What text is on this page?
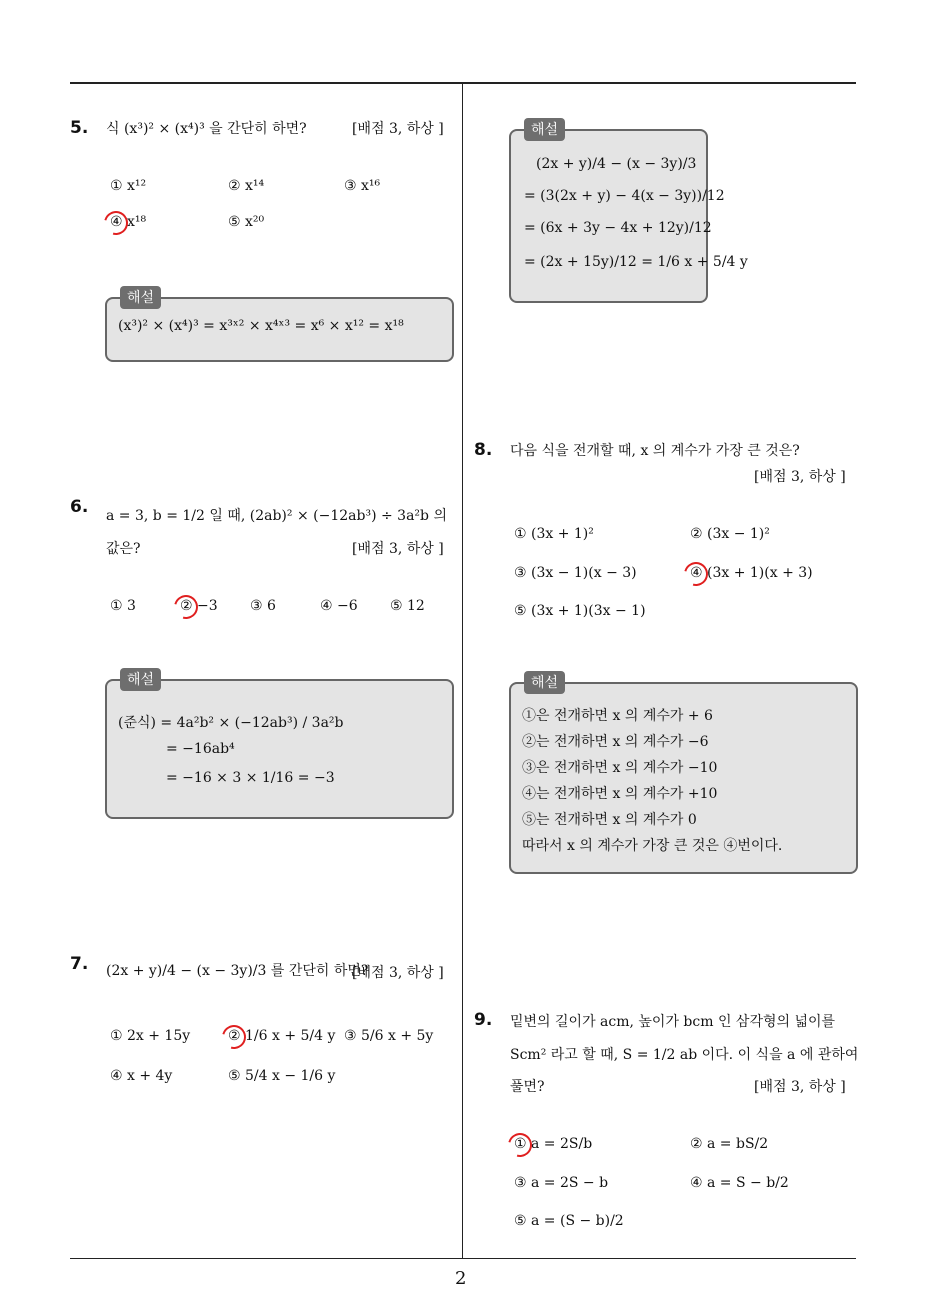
2
5. 식 (x³)² × (x⁴)³ 을 간단히 하면?	[배점 3, 하상 ]
① x¹²	② x¹⁴	③ x¹⁶
④ x¹⁸	⑤ x²⁰
해설
(x³)² × (x⁴)³ = x³ˣ² × x⁴ˣ³ = x⁶ × x¹² = x¹⁸
6. a = 3, b = 1/2 일 때, (2ab)² × (−12ab³) ÷ 3a²b 의
값은?	[배점 3, 하상 ]
① 3	② −3 ③ 6	④ −6 ⑤ 12
해설
(준식) = 4a²b² × (−12ab³) / 3a²b
= −16ab⁴
= −16 × 3 × 1/16 = −3
7. (2x + y)/4 − (x − 3y)/3 를 간단히 하면?
[배점 3, 하상 ]
① 2x + 15y	② 1/6 x + 5/4 y ③ 5/6 x + 5y
④ x + 4y	⑤ 5/4 x − 1/6 y
해설
(2x + y)/4 − (x − 3y)/3
= (3(2x + y) − 4(x − 3y))/12
= (6x + 3y − 4x + 12y)/12
= (2x + 15y)/12 = 1/6 x + 5/4 y
8. 다음 식을 전개할 때, x 의 계수가 가장 큰 것은?
[배점 3, 하상 ]
① (3x + 1)²	② (3x − 1)²
③ (3x − 1)(x − 3)	④ (3x + 1)(x + 3)
⑤ (3x + 1)(3x − 1)
해설
①은 전개하면 x 의 계수가 + 6
②는 전개하면 x 의 계수가 −6
③은 전개하면 x 의 계수가 −10
④는 전개하면 x 의 계수가 +10
⑤는 전개하면 x 의 계수가 0
따라서 x 의 계수가 가장 큰 것은 ④번이다.
9. 밑변의 길이가 acm, 높이가 bcm 인 삼각형의 넓이를
Scm² 라고 할 때, S = 1/2 ab 이다. 이 식을 a 에 관하여
풀면?	[배점 3, 하상 ]
① a = 2S/b	② a = bS/2
③ a = 2S − b	④ a = S − b/2
⑤ a = (S − b)/2
